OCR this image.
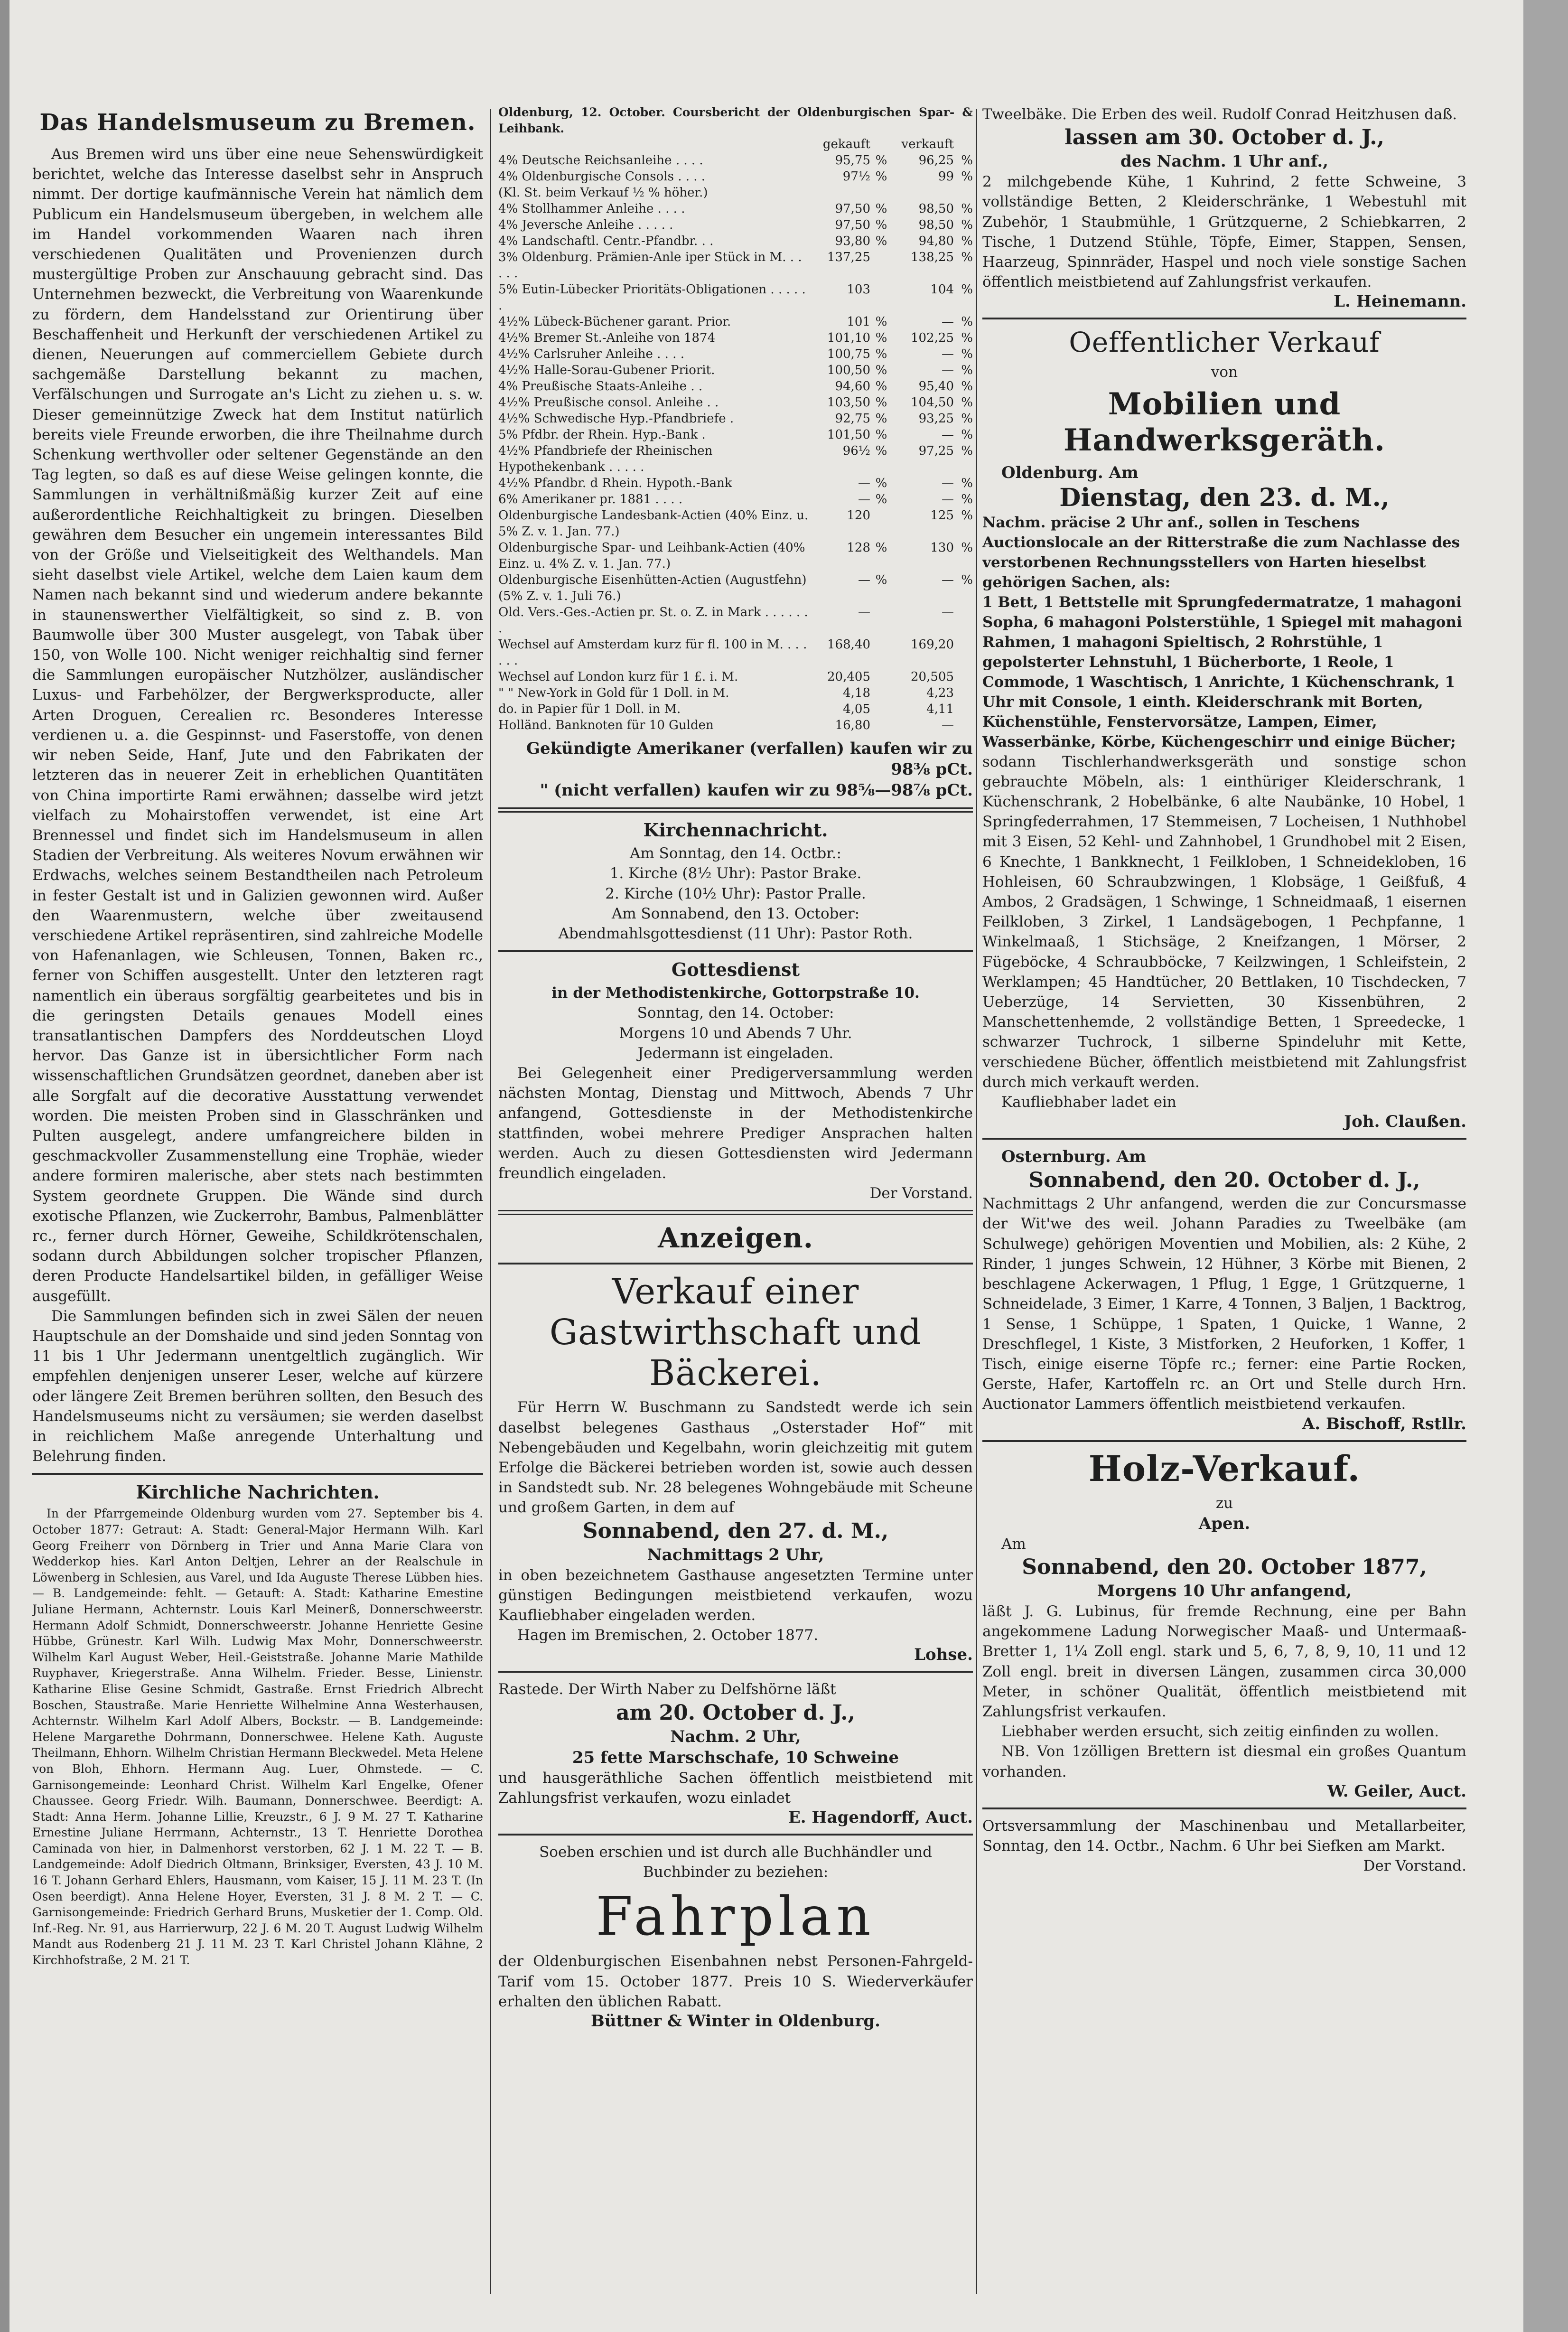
Das Handelsmuseum zu Bremen.

Aus Bremen wird uns über eine neue Sehenswürdigkeit berichtet, welche das Interesse daselbst sehr in Anspruch nimmt. Der dortige kaufmännische Verein hat nämlich dem Publicum ein Handelsmuseum übergeben, in welchem alle im Handel vorkommenden Waaren nach ihren verschiedenen Qualitäten und Provenienzen durch mustergültige Proben zur Anschauung gebracht sind. Das Unternehmen bezweckt, die Verbreitung von Waarenkunde zu fördern, dem Handelsstand zur Orientirung über Beschaffenheit und Herkunft der verschiedenen Artikel zu dienen, Neuerungen auf commerciellem Gebiete durch sachgemäße Darstellung bekannt zu machen, Verfälschungen und Surrogate an's Licht zu ziehen u. s. w. Dieser gemeinnützige Zweck hat dem Institut natürlich bereits viele Freunde erworben, die ihre Theilnahme durch Schenkung werthvoller oder seltener Gegenstände an den Tag legten, so daß es auf diese Weise gelingen konnte, die Sammlungen in verhältnißmäßig kurzer Zeit auf eine außerordentliche Reichhaltigkeit zu bringen. Dieselben gewähren dem Besucher ein ungemein interessantes Bild von der Größe und Vielseitigkeit des Welthandels. Man sieht daselbst viele Artikel, welche dem Laien kaum dem Namen nach bekannt sind und wiederum andere bekannte in staunenswerther Vielfältigkeit, so sind z. B. von Baumwolle über 300 Muster ausgelegt, von Tabak über 150, von Wolle 100. Nicht weniger reichhaltig sind ferner die Sammlungen europäischer Nutzhölzer, ausländischer Luxus- und Farbehölzer, der Bergwerksproducte, aller Arten Droguen, Cerealien rc. Besonderes Interesse verdienen u. a. die Gespinnst- und Faserstoffe, von denen wir neben Seide, Hanf, Jute und den Fabrikaten der letzteren das in neuerer Zeit in erheblichen Quantitäten von China importirte Rami erwähnen; dasselbe wird jetzt vielfach zu Mohairstoffen verwendet, ist eine Art Brennessel und findet sich im Handelsmuseum in allen Stadien der Verbreitung. Als weiteres Novum erwähnen wir Erdwachs, welches seinem Bestandtheilen nach Petroleum in fester Gestalt ist und in Galizien gewonnen wird. Außer den Waarenmustern, welche über zweitausend verschiedene Artikel repräsentiren, sind zahlreiche Modelle von Hafenanlagen, wie Schleusen, Tonnen, Baken rc., ferner von Schiffen ausgestellt. Unter den letzteren ragt namentlich ein überaus sorgfältig gearbeitetes und bis in die geringsten Details genaues Modell eines transatlantischen Dampfers des Norddeutschen Lloyd hervor. Das Ganze ist in übersichtlicher Form nach wissenschaftlichen Grundsätzen geordnet, daneben aber ist alle Sorgfalt auf die decorative Ausstattung verwendet worden. Die meisten Proben sind in Glasschränken und Pulten ausgelegt, andere umfangreichere bilden in geschmackvoller Zusammenstellung eine Trophäe, wieder andere formiren malerische, aber stets nach bestimmten System geordnete Gruppen. Die Wände sind durch exotische Pflanzen, wie Zuckerrohr, Bambus, Palmenblätter rc., ferner durch Hörner, Geweihe, Schildkrötenschalen, sodann durch Abbildungen solcher tropischer Pflanzen, deren Producte Handelsartikel bilden, in gefälliger Weise ausgefüllt.

Die Sammlungen befinden sich in zwei Sälen der neuen Hauptschule an der Domshaide und sind jeden Sonntag von 11 bis 1 Uhr Jedermann unentgeltlich zugänglich. Wir empfehlen denjenigen unserer Leser, welche auf kürzere oder längere Zeit Bremen berühren sollten, den Besuch des Handelsmuseums nicht zu versäumen; sie werden daselbst in reichlichem Maße anregende Unterhaltung und Belehrung finden.

Kirchliche Nachrichten.

In der Pfarrgemeinde Oldenburg wurden vom 27. September bis 4. October 1877: Getraut: A. Stadt: General-Major Hermann Wilh. Karl Georg Freiherr von Dörnberg in Trier und Anna Marie Clara von Wedderkop hies. Karl Anton Deltjen, Lehrer an der Realschule in Löwenberg in Schlesien, aus Varel, und Ida Auguste Therese Lübben hies. — B. Landgemeinde: fehlt. — Getauft: A. Stadt: Katharine Emestine Juliane Hermann, Achternstr. Louis Karl Meinerß, Donnerschweerstr. Hermann Adolf Schmidt, Donnerschweerstr. Johanne Henriette Gesine Hübbe, Grünestr. Karl Wilh. Ludwig Max Mohr, Donnerschweerstr. Wilhelm Karl August Weber, Heil.-Geiststraße. Johanne Marie Mathilde Ruyphaver, Kriegerstraße. Anna Wilhelm. Frieder. Besse, Linienstr. Katharine Elise Gesine Schmidt, Gastraße. Ernst Friedrich Albrecht Boschen, Staustraße. Marie Henriette Wilhelmine Anna Westerhausen, Achternstr. Wilhelm Karl Adolf Albers, Bockstr. — B. Landgemeinde: Helene Margarethe Dohrmann, Donnerschwee. Helene Kath. Auguste Theilmann, Ehhorn. Wilhelm Christian Hermann Bleckwedel. Meta Helene von Bloh, Ehhorn. Hermann Aug. Luer, Ohmstede. — C. Garnisongemeinde: Leonhard Christ. Wilhelm Karl Engelke, Ofener Chaussee. Georg Friedr. Wilh. Baumann, Donnerschwee. Beerdigt: A. Stadt: Anna Herm. Johanne Lillie, Kreuzstr., 6 J. 9 M. 27 T. Katharine Ernestine Juliane Herrmann, Achternstr., 13 T. Henriette Dorothea Caminada von hier, in Dalmenhorst verstorben, 62 J. 1 M. 22 T. — B. Landgemeinde: Adolf Diedrich Oltmann, Brinksiger, Eversten, 43 J. 10 M. 16 T. Johann Gerhard Ehlers, Hausmann, vom Kaiser, 15 J. 11 M. 23 T. (In Osen beerdigt). Anna Helene Hoyer, Eversten, 31 J. 8 M. 2 T. — C. Garnisongemeinde: Friedrich Gerhard Bruns, Musketier der 1. Comp. Old. Inf.-Reg. Nr. 91, aus Harrierwurp, 22 J. 6 M. 20 T. August Ludwig Wilhelm Mandt aus Rodenberg 21 J. 11 M. 23 T. Karl Christel Johann Klähne, 2 Kirchhofstraße, 2 M. 21 T.

Oldenburg, 12. October. Coursbericht der Oldenburgischen Spar- & Leihbank.

	gekauft		verkauft	
4% Deutsche Reichsanleihe . . . .	95,75	%	96,25	%
4% Oldenburgische Consols . . . .	97½	%	99	%
(Kl. St. beim Verkauf ½ % höher.)				
4% Stollhammer Anleihe . . . .	97,50	%	98,50	%
4% Jeversche Anleihe . . . . .	97,50	%	98,50	%
4% Landschaftl. Centr.-Pfandbr. . .	93,80	%	94,80	%
3% Oldenburg. Prämien-Anle iper Stück in M. . . . . .	137,25		138,25	%
5% Eutin-Lübecker Prioritäts-Obligationen . . . . . .	103		104	%
4½% Lübeck-Büchener garant. Prior.	101	%	—	%
4½% Bremer St.-Anleihe von 1874	101,10	%	102,25	%
4½% Carlsruher Anleihe . . . .	100,75	%	—	%
4½% Halle-Sorau-Gubener Priorit.	100,50	%	—	%
4% Preußische Staats-Anleihe . .	94,60	%	95,40	%
4½% Preußische consol. Anleihe . .	103,50	%	104,50	%
4½% Schwedische Hyp.-Pfandbriefe .	92,75	%	93,25	%
5% Pfdbr. der Rhein. Hyp.-Bank .	101,50	%	—	%
4½% Pfandbriefe der Rheinischen Hypothekenbank . . . . .	96½	%	97,25	%
4½% Pfandbr. d Rhein. Hypoth.-Bank	—	%	—	%
6% Amerikaner pr. 1881 . . . .	—	%	—	%
Oldenburgische Landesbank-Actien (40% Einz. u. 5% Z. v. 1. Jan. 77.)	120		125	%
Oldenburgische Spar- und Leihbank-Actien (40% Einz. u. 4% Z. v. 1. Jan. 77.)	128	%	130	%
Oldenburgische Eisenhütten-Actien (Augustfehn) (5% Z. v. 1. Juli 76.)	—	%	—	%
Old. Vers.-Ges.-Actien pr. St. o. Z. in Mark . . . . . . .	—		—	
Wechsel auf Amsterdam kurz für fl. 100 in M. . . . . . .	168,40		169,20	
Wechsel auf London kurz für 1 £. i. M.	20,405		20,505	
" " New-York in Gold für 1 Doll. in M.	4,18		4,23	
do. in Papier für 1 Doll. in M.	4,05		4,11	
Holländ. Banknoten für 10 Gulden	16,80		—	

Gekündigte Amerikaner (verfallen) kaufen wir zu 98⅜ pCt.

" (nicht verfallen) kaufen wir zu 98⅝—98⅞ pCt.

Kirchennachricht.

Am Sonntag, den 14. Octbr.:

1. Kirche (8½ Uhr): Pastor Brake.

2. Kirche (10½ Uhr): Pastor Pralle.

Am Sonnabend, den 13. October:

Abendmahlsgottesdienst (11 Uhr): Pastor Roth.

Gottesdienst

in der Methodistenkirche, Gottorpstraße 10.

Sonntag, den 14. October:

Morgens 10 und Abends 7 Uhr.

Jedermann ist eingeladen.

Bei Gelegenheit einer Predigerversammlung werden nächsten Montag, Dienstag und Mittwoch, Abends 7 Uhr anfangend, Gottesdienste in der Methodistenkirche stattfinden, wobei mehrere Prediger Ansprachen halten werden. Auch zu diesen Gottesdiensten wird Jedermann freundlich eingeladen.

Der Vorstand.

Anzeigen.
Verkauf einer Gastwirthschaft und Bäckerei.

Für Herrn W. Buschmann zu Sandstedt werde ich sein daselbst belegenes Gasthaus „Osterstader Hof“ mit Nebengebäuden und Kegelbahn, worin gleichzeitig mit gutem Erfolge die Bäckerei betrieben worden ist, sowie auch dessen in Sandstedt sub. Nr. 28 belegenes Wohngebäude mit Scheune und großem Garten, in dem auf

Sonnabend, den 27. d. M.,

Nachmittags 2 Uhr,

in oben bezeichnetem Gasthause angesetzten Termine unter günstigen Bedingungen meistbietend verkaufen, wozu Kaufliebhaber eingeladen werden.

Hagen im Bremischen, 2. October 1877.

Lohse.

Rastede. Der Wirth Naber zu Delfshörne läßt

am 20. October d. J.,

Nachm. 2 Uhr,

25 fette Marschschafe, 10 Schweine

und hausgeräthliche Sachen öffentlich meistbietend mit Zahlungsfrist verkaufen, wozu einladet

E. Hagendorff, Auct.

Soeben erschien und ist durch alle Buchhändler und Buchbinder zu beziehen:

Fahrplan

der Oldenburgischen Eisenbahnen nebst Personen-Fahrgeld-Tarif vom 15. October 1877. Preis 10 S. Wiederverkäufer erhalten den üblichen Rabatt.

Büttner & Winter in Oldenburg.

Tweelbäke. Die Erben des weil. Rudolf Conrad Heitzhusen daß.

lassen am 30. October d. J.,

des Nachm. 1 Uhr anf.,

2 milchgebende Kühe, 1 Kuhrind, 2 fette Schweine, 3 vollständige Betten, 2 Kleiderschränke, 1 Webestuhl mit Zubehör, 1 Staubmühle, 1 Grützquerne, 2 Schiebkarren, 2 Tische, 1 Dutzend Stühle, Töpfe, Eimer, Stappen, Sensen, Haarzeug, Spinnräder, Haspel und noch viele sonstige Sachen öffentlich meistbietend auf Zahlungsfrist verkaufen.

L. Heinemann.

Oeffentlicher Verkauf

von

Mobilien und Handwerksgeräth.

Oldenburg. Am

Dienstag, den 23. d. M.,

Nachm. präcise 2 Uhr anf., sollen in Teschens Auctionslocale an der Ritterstraße die zum Nachlasse des verstorbenen Rechnungsstellers von Harten hieselbst gehörigen Sachen, als:

1 Bett, 1 Bettstelle mit Sprungfedermatratze, 1 mahagoni Sopha, 6 mahagoni Polsterstühle, 1 Spiegel mit mahagoni Rahmen, 1 mahagoni Spieltisch, 2 Rohrstühle, 1 gepolsterter Lehnstuhl, 1 Bücherborte, 1 Reole, 1 Commode, 1 Waschtisch, 1 Anrichte, 1 Küchenschrank, 1 Uhr mit Consolе, 1 einth. Kleiderschrank mit Borten, Küchenstühle, Fenstervorsätze, Lampen, Eimer, Wasserbänke, Körbe, Küchengeschirr und einige Bücher;

sodann Tischlerhandwerksgeräth und sonstige schon gebrauchte Möbeln, als: 1 einthüriger Kleiderschrank, 1 Küchenschrank, 2 Hobelbänke, 6 alte Naubänke, 10 Hobel, 1 Springfederrahmen, 17 Stemmeisen, 7 Locheisen, 1 Nuthhobel mit 3 Eisen, 52 Kehl- und Zahnhobel, 1 Grundhobel mit 2 Eisen, 6 Knechte, 1 Bankknecht, 1 Feilkloben, 1 Schneidekloben, 16 Hohleisen, 60 Schraubzwingen, 1 Klobsäge, 1 Geißfuß, 4 Ambos, 2 Gradsägen, 1 Schwinge, 1 Schneidmaaß, 1 eisernen Feilkloben, 3 Zirkel, 1 Landsägebogen, 1 Pechpfanne, 1 Winkelmaaß, 1 Stichsäge, 2 Kneifzangen, 1 Mörser, 2 Fügeböcke, 4 Schraubböcke, 7 Keilzwingen, 1 Schleifstein, 2 Werklampen; 45 Handtücher, 20 Bettlaken, 10 Tischdecken, 7 Ueberzüge, 14 Servietten, 30 Kissenbühren, 2 Manschettenhemde, 2 vollständige Betten, 1 Spreedecke, 1 schwarzer Tuchrock, 1 silberne Spindeluhr mit Kette, verschiedene Bücher, öffentlich meistbietend mit Zahlungsfrist durch mich verkauft werden.

Kaufliebhaber ladet ein

Joh. Claußen.

Osternburg. Am

Sonnabend, den 20. October d. J.,

Nachmittags 2 Uhr anfangend, werden die zur Concursmasse der Wit'we des weil. Johann Paradies zu Tweelbäke (am Schulwege) gehörigen Moventien und Mobilien, als: 2 Kühe, 2 Rinder, 1 junges Schwein, 12 Hühner, 3 Körbe mit Bienen, 2 beschlagene Ackerwagen, 1 Pflug, 1 Egge, 1 Grützquerne, 1 Schneidelade, 3 Eimer, 1 Karre, 4 Tonnen, 3 Baljen, 1 Backtrog, 1 Sense, 1 Schüppe, 1 Spaten, 1 Quicke, 1 Wanne, 2 Dreschflegel, 1 Kiste, 3 Mistforken, 2 Heuforken, 1 Koffer, 1 Tisch, einige eiserne Töpfe rc.; ferner: eine Partie Rocken, Gerste, Hafer, Kartoffeln rc. an Ort und Stelle durch Hrn. Auctionator Lammers öffentlich meistbietend verkaufen.

A. Bischoff, Rstllr.

Holz-Verkauf.

zu

Apen.

Am

Sonnabend, den 20. October 1877,

Morgens 10 Uhr anfangend,

läßt J. G. Lubinus, für fremde Rechnung, eine per Bahn angekommene Ladung Norwegischer Maaß- und Untermaaß-Bretter 1, 1¼ Zoll engl. stark und 5, 6, 7, 8, 9, 10, 11 und 12 Zoll engl. breit in diversen Längen, zusammen circa 30,000 Meter, in schöner Qualität, öffentlich meistbietend mit Zahlungsfrist verkaufen.

Liebhaber werden ersucht, sich zeitig einfinden zu wollen.

NB. Von 1zölligen Brettern ist diesmal ein großes Quantum vorhanden.

W. Geiler, Auct.

Ortsversammlung der Maschinenbau und Metallarbeiter, Sonntag, den 14. Octbr., Nachm. 6 Uhr bei Siefken am Markt.

Der Vorstand.
